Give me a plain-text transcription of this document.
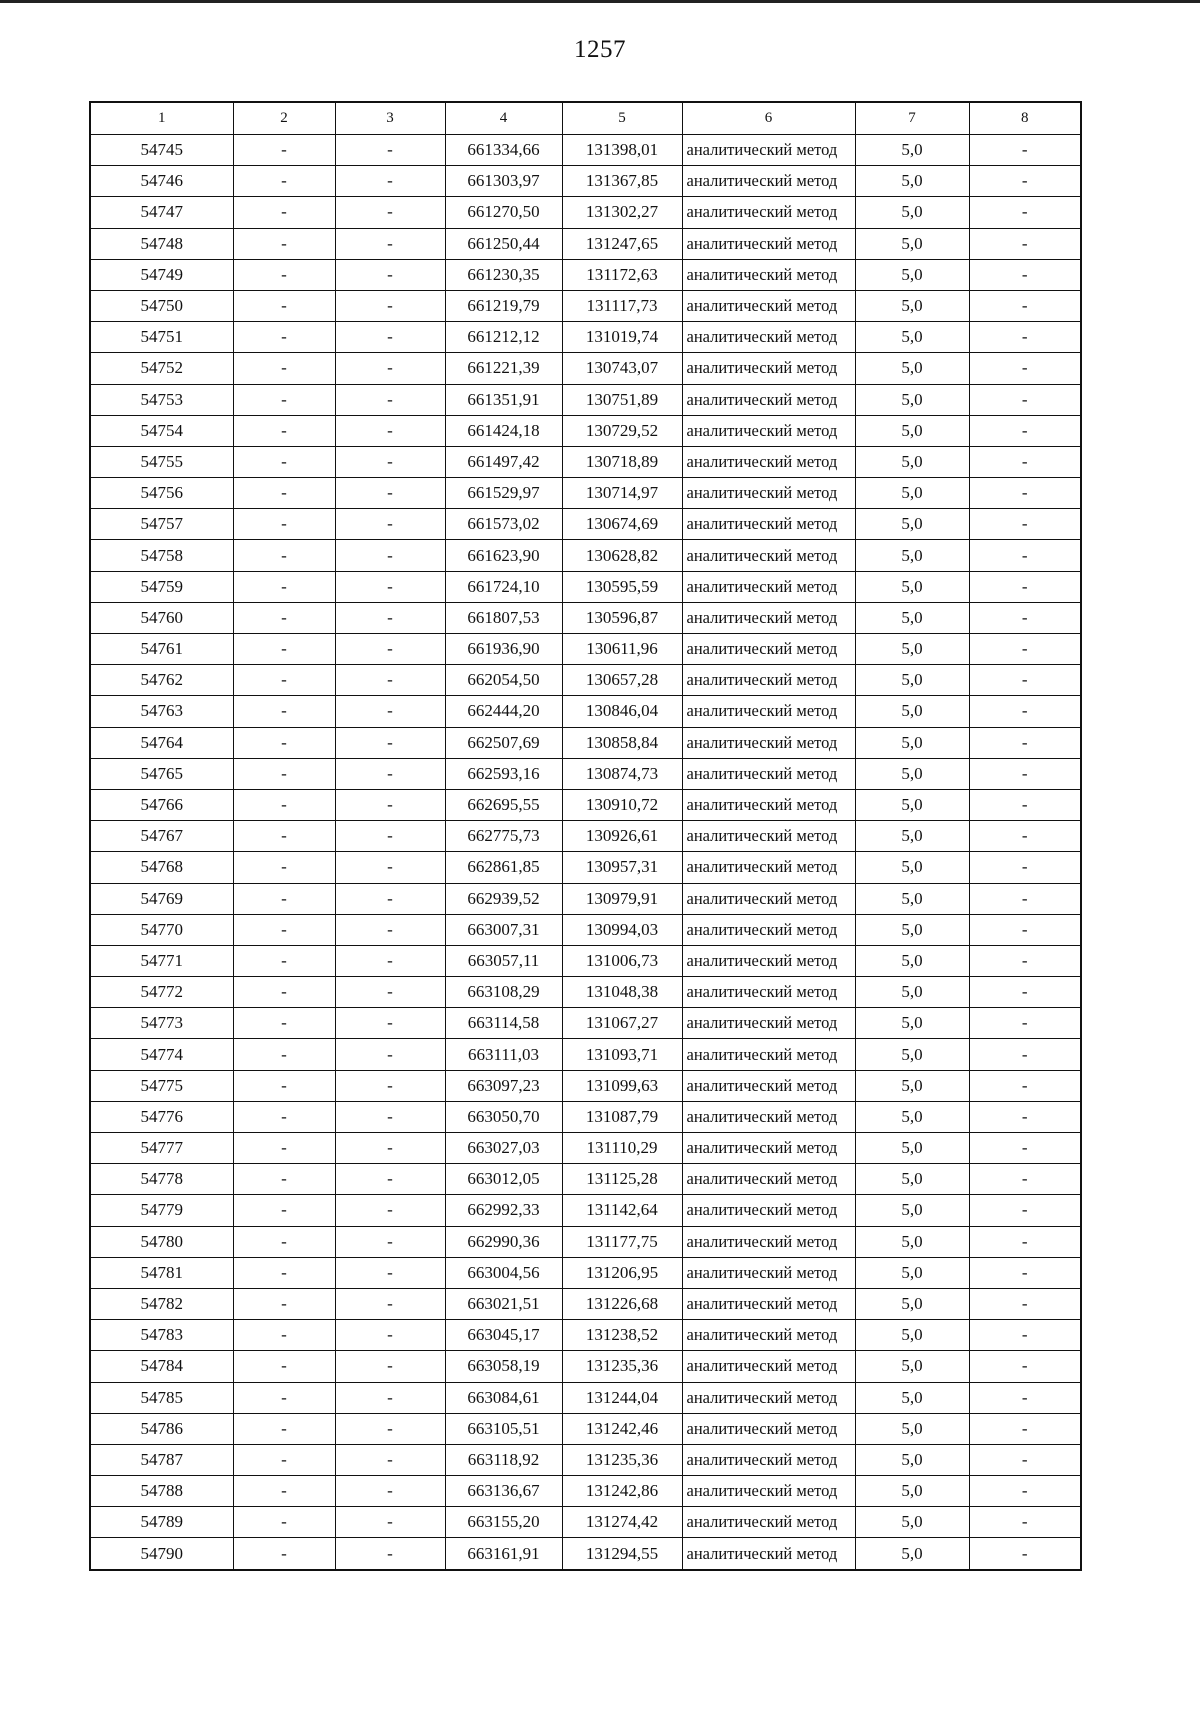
1257
1	2	3	4	5	6	7	8
54745	-	-	661334,66	131398,01	аналитический метод	5,0	-
54746	-	-	661303,97	131367,85	аналитический метод	5,0	-
54747	-	-	661270,50	131302,27	аналитический метод	5,0	-
54748	-	-	661250,44	131247,65	аналитический метод	5,0	-
54749	-	-	661230,35	131172,63	аналитический метод	5,0	-
54750	-	-	661219,79	131117,73	аналитический метод	5,0	-
54751	-	-	661212,12	131019,74	аналитический метод	5,0	-
54752	-	-	661221,39	130743,07	аналитический метод	5,0	-
54753	-	-	661351,91	130751,89	аналитический метод	5,0	-
54754	-	-	661424,18	130729,52	аналитический метод	5,0	-
54755	-	-	661497,42	130718,89	аналитический метод	5,0	-
54756	-	-	661529,97	130714,97	аналитический метод	5,0	-
54757	-	-	661573,02	130674,69	аналитический метод	5,0	-
54758	-	-	661623,90	130628,82	аналитический метод	5,0	-
54759	-	-	661724,10	130595,59	аналитический метод	5,0	-
54760	-	-	661807,53	130596,87	аналитический метод	5,0	-
54761	-	-	661936,90	130611,96	аналитический метод	5,0	-
54762	-	-	662054,50	130657,28	аналитический метод	5,0	-
54763	-	-	662444,20	130846,04	аналитический метод	5,0	-
54764	-	-	662507,69	130858,84	аналитический метод	5,0	-
54765	-	-	662593,16	130874,73	аналитический метод	5,0	-
54766	-	-	662695,55	130910,72	аналитический метод	5,0	-
54767	-	-	662775,73	130926,61	аналитический метод	5,0	-
54768	-	-	662861,85	130957,31	аналитический метод	5,0	-
54769	-	-	662939,52	130979,91	аналитический метод	5,0	-
54770	-	-	663007,31	130994,03	аналитический метод	5,0	-
54771	-	-	663057,11	131006,73	аналитический метод	5,0	-
54772	-	-	663108,29	131048,38	аналитический метод	5,0	-
54773	-	-	663114,58	131067,27	аналитический метод	5,0	-
54774	-	-	663111,03	131093,71	аналитический метод	5,0	-
54775	-	-	663097,23	131099,63	аналитический метод	5,0	-
54776	-	-	663050,70	131087,79	аналитический метод	5,0	-
54777	-	-	663027,03	131110,29	аналитический метод	5,0	-
54778	-	-	663012,05	131125,28	аналитический метод	5,0	-
54779	-	-	662992,33	131142,64	аналитический метод	5,0	-
54780	-	-	662990,36	131177,75	аналитический метод	5,0	-
54781	-	-	663004,56	131206,95	аналитический метод	5,0	-
54782	-	-	663021,51	131226,68	аналитический метод	5,0	-
54783	-	-	663045,17	131238,52	аналитический метод	5,0	-
54784	-	-	663058,19	131235,36	аналитический метод	5,0	-
54785	-	-	663084,61	131244,04	аналитический метод	5,0	-
54786	-	-	663105,51	131242,46	аналитический метод	5,0	-
54787	-	-	663118,92	131235,36	аналитический метод	5,0	-
54788	-	-	663136,67	131242,86	аналитический метод	5,0	-
54789	-	-	663155,20	131274,42	аналитический метод	5,0	-
54790	-	-	663161,91	131294,55	аналитический метод	5,0	-
